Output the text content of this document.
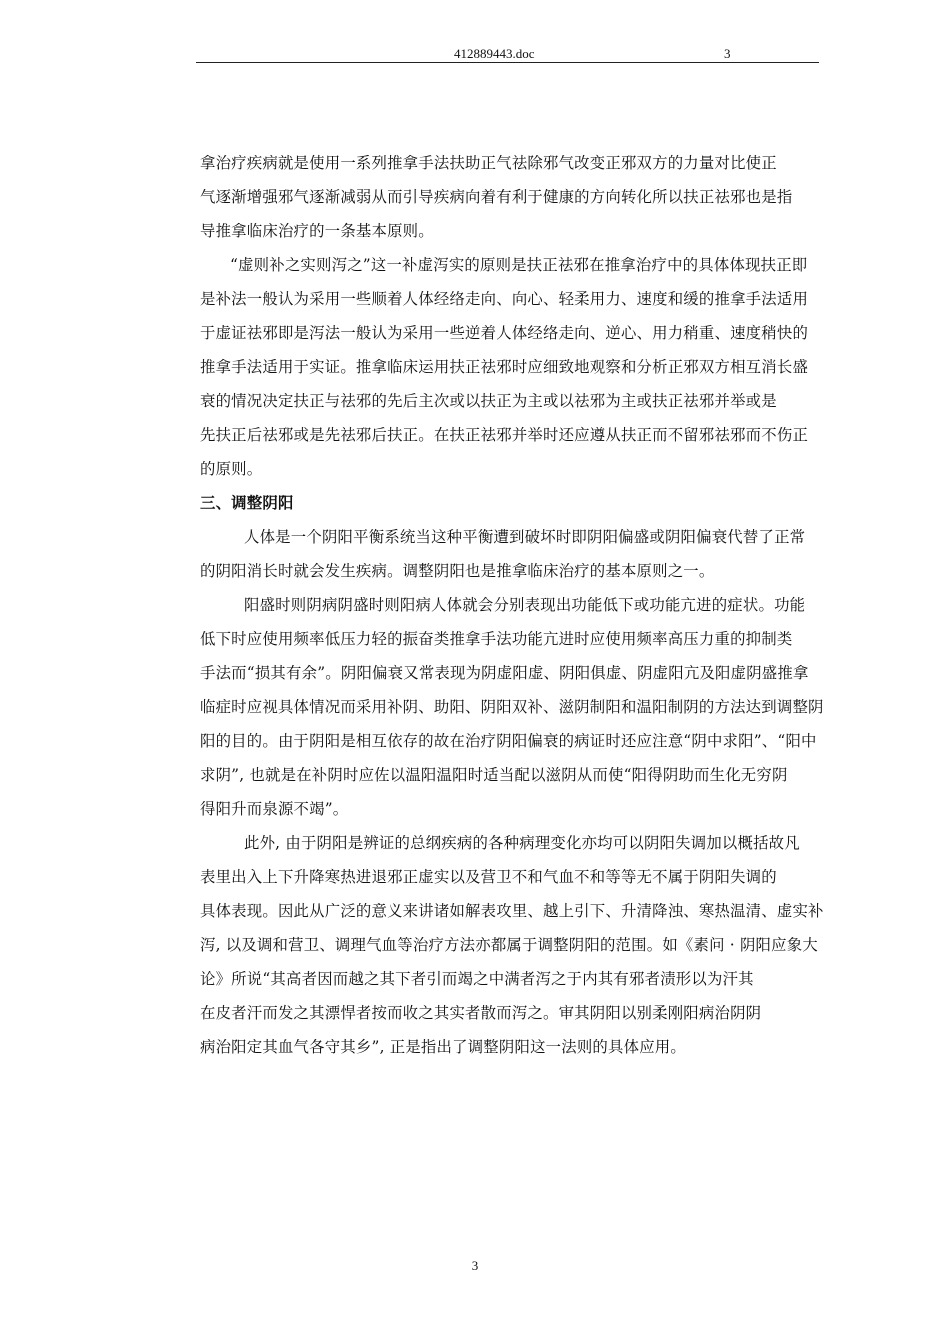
412889443.doc	3

拿治疗疾病就是使用一系列推拿手法扶助正气祛除邪气改变正邪双方的力量对比使正
气逐渐增强邪气逐渐减弱从而引导疾病向着有利于健康的方向转化所以扶正祛邪也是指
导推拿临床治疗的一条基本原则。

“虚则补之实则泻之”这一补虚泻实的原则是扶正祛邪在推拿治疗中的具体体现扶正即
是补法一般认为采用一些顺着人体经络走向、向心、轻柔用力、速度和缓的推拿手法适用
于虚证祛邪即是泻法一般认为采用一些逆着人体经络走向、逆心、用力稍重、速度稍快的
推拿手法适用于实证。推拿临床运用扶正祛邪时应细致地观察和分析正邪双方相互消长盛
衰的情况决定扶正与祛邪的先后主次或以扶正为主或以祛邪为主或扶正祛邪并举或是
先扶正后祛邪或是先祛邪后扶正。在扶正祛邪并举时还应遵从扶正而不留邪祛邪而不伤正
的原则。

三、调整阴阳

人体是一个阴阳平衡系统当这种平衡遭到破坏时即阴阳偏盛或阴阳偏衰代替了正常
的阴阳消长时就会发生疾病。调整阴阳也是推拿临床治疗的基本原则之一。

阳盛时则阴病阴盛时则阳病人体就会分别表现出功能低下或功能亢进的症状。功能
低下时应使用频率低压力轻的振奋类推拿手法功能亢进时应使用频率高压力重的抑制类
手法而“损其有余”。阴阳偏衰又常表现为阴虚阳虚、阴阳俱虚、阴虚阳亢及阳虚阴盛推拿
临症时应视具体情况而采用补阴、助阳、阴阳双补、滋阴制阳和温阳制阴的方法达到调整阴
阳的目的。由于阴阳是相互依存的故在治疗阴阳偏衰的病证时还应注意“阴中求阳”、“阳中
求阴”, 也就是在补阴时应佐以温阳温阳时适当配以滋阴从而使“阳得阴助而生化无穷阴
得阳升而泉源不竭”。

此外, 由于阴阳是辨证的总纲疾病的各种病理变化亦均可以阴阳失调加以概括故凡
表里出入上下升降寒热进退邪正虚实以及营卫不和气血不和等等无不属于阴阳失调的
具体表现。因此从广泛的意义来讲诸如解表攻里、越上引下、升清降浊、寒热温清、虚实补
泻, 以及调和营卫、调理气血等治疗方法亦都属于调整阴阳的范围。如《素问 · 阴阳应象大
论》所说“其高者因而越之其下者引而竭之中满者泻之于内其有邪者渍形以为汗其
在皮者汗而发之其漂悍者按而收之其实者散而泻之。审其阴阳以别柔刚阳病治阴阴
病治阳定其血气各守其乡”, 正是指出了调整阴阳这一法则的具体应用。

3
